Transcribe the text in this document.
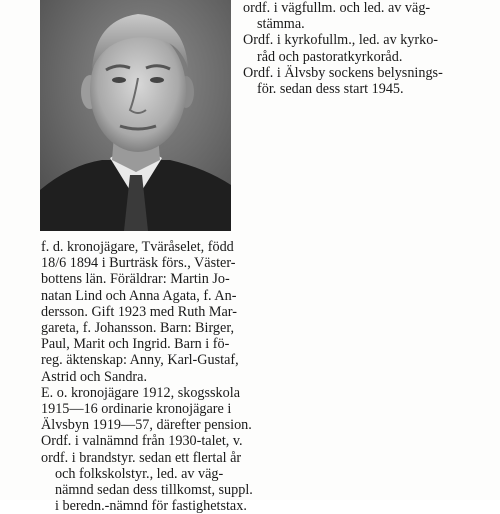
ordf. i vägfullm. och led. av väg-
stämma.
Ordf. i kyrkofullm., led. av kyrko-
råd och pastoratkyrkoråd.
Ordf. i Älvsby sockens belysnings-
för. sedan dess start 1945.
f. d. kronojägare, Tväråselet, född
18/6 1894 i Burträsk förs., Väster-
bottens län. Föräldrar: Martin Jo-
natan Lind och Anna Agata, f. An-
dersson. Gift 1923 med Ruth Mar-
gareta, f. Johansson. Barn: Birger,
Paul, Marit och Ingrid. Barn i fö-
reg. äktenskap: Anny, Karl-Gustaf,
Astrid och Sandra.
E. o. kronojägare 1912, skogsskola
1915—16 ordinarie kronojägare i
Älvsbyn 1919—57, därefter pension.
Ordf. i valnämnd från 1930-talet, v.
ordf. i brandstyr. sedan ett flertal år
och folkskolstyr., led. av väg-
nämnd sedan dess tillkomst, suppl.
i beredn.-nämnd för fastighetstax.
